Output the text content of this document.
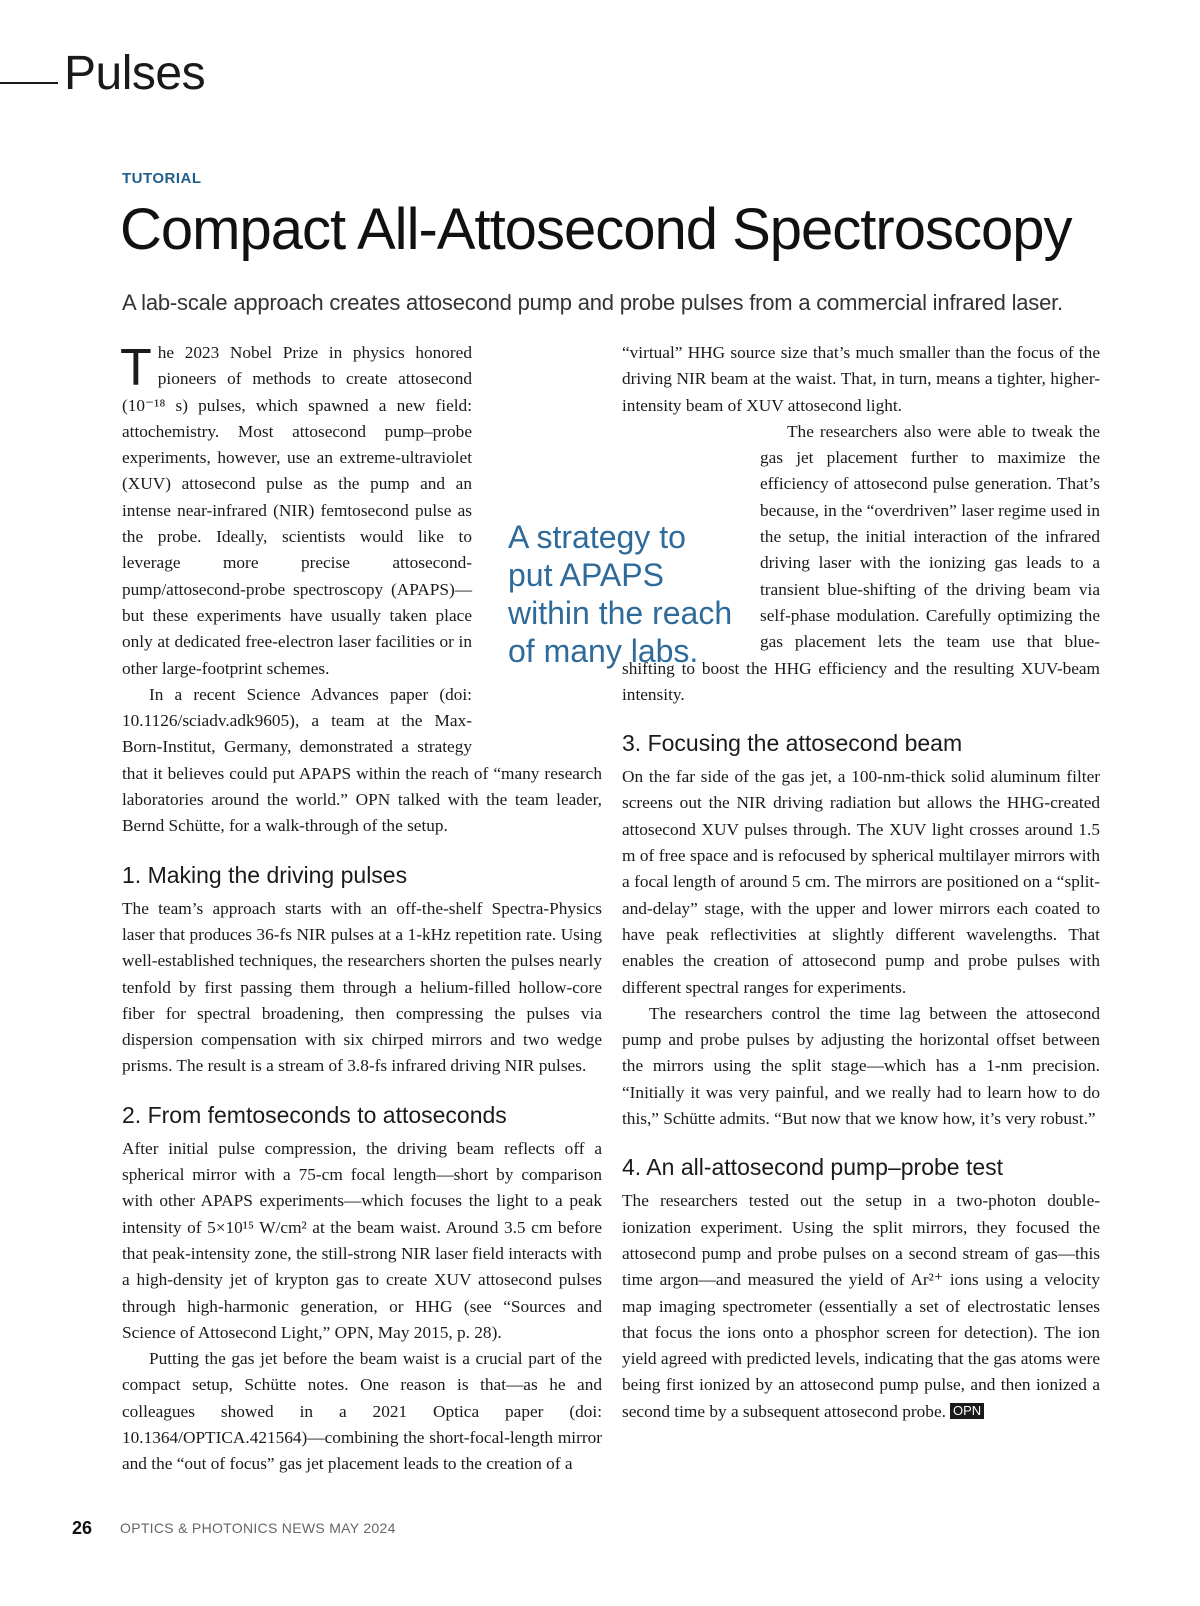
Pulses
TUTORIAL
Compact All-Attosecond Spectroscopy
A lab-scale approach creates attosecond pump and probe pulses from a commercial infrared laser.

The 2023 Nobel Prize in physics honored pioneers of methods to create attosecond (10⁻¹⁸ s) pulses, which spawned a new field: attochemistry. Most attosecond pump–probe experiments, however, use an extreme-ultraviolet (XUV) attosecond pulse as the pump and an intense near-infrared (NIR) femtosecond pulse as the probe. Ideally, scientists would like to leverage more precise attosecond-pump/attosecond-probe spectroscopy (APAPS)—but these experiments have usually taken place only at dedicated free-electron laser facilities or in other large-footprint schemes.

In a recent Science Advances paper (doi: 10.1126/sciadv.adk9605), a team at the Max-Born-Institut, Germany, demonstrated a strategy that it believes could put APAPS within the reach of “many research laboratories around the world.” OPN talked with the team leader, Bernd Schütte, for a walk-through of the setup.

1. Making the driving pulses

The team’s approach starts with an off-the-shelf Spectra-Physics laser that produces 36-fs NIR pulses at a 1-kHz repetition rate. Using well-established techniques, the researchers shorten the pulses nearly tenfold by first passing them through a helium-filled hollow-core fiber for spectral broadening, then compressing the pulses via dispersion compensation with six chirped mirrors and two wedge prisms. The result is a stream of 3.8-fs infrared driving NIR pulses.

2. From femtoseconds to attoseconds

After initial pulse compression, the driving beam reflects off a spherical mirror with a 75-cm focal length—short by comparison with other APAPS experiments—which focuses the light to a peak intensity of 5×10¹⁵ W/cm² at the beam waist. Around 3.5 cm before that peak-intensity zone, the still-strong NIR laser field interacts with a high-density jet of krypton gas to create XUV attosecond pulses through high-harmonic generation, or HHG (see “Sources and Science of Attosecond Light,” OPN, May 2015, p. 28).

Putting the gas jet before the beam waist is a crucial part of the compact setup, Schütte notes. One reason is that—as he and colleagues showed in a 2021 Optica paper (doi: 10.1364/OPTICA.421564)—combining the short-focal-length mirror and the “out of focus” gas jet placement leads to the creation of a

A strategy to put APAPS within the reach of many labs.

“virtual” HHG source size that’s much smaller than the focus of the driving NIR beam at the waist. That, in turn, means a tighter, higher-intensity beam of XUV attosecond light.

The researchers also were able to tweak the gas jet placement further to maximize the efficiency of attosecond pulse generation. That’s because, in the “overdriven” laser regime used in the setup, the initial interaction of the infrared driving laser with the ionizing gas leads to a transient blue-shifting of the driving beam via self-phase modulation. Carefully optimizing the gas placement lets the team use that blue-shifting to boost the HHG efficiency and the resulting XUV-beam intensity.

3. Focusing the attosecond beam

On the far side of the gas jet, a 100-nm-thick solid aluminum filter screens out the NIR driving radiation but allows the HHG-created attosecond XUV pulses through. The XUV light crosses around 1.5 m of free space and is refocused by spherical multilayer mirrors with a focal length of around 5 cm. The mirrors are positioned on a “split-and-delay” stage, with the upper and lower mirrors each coated to have peak reflectivities at slightly different wavelengths. That enables the creation of attosecond pump and probe pulses with different spectral ranges for experiments.

The researchers control the time lag between the attosecond pump and probe pulses by adjusting the horizontal offset between the mirrors using the split stage—which has a 1-nm precision. “Initially it was very painful, and we really had to learn how to do this,” Schütte admits. “But now that we know how, it’s very robust.”

4. An all-attosecond pump–probe test

The researchers tested out the setup in a two-photon double-ionization experiment. Using the split mirrors, they focused the attosecond pump and probe pulses on a second stream of gas—this time argon—and measured the yield of Ar²⁺ ions using a velocity map imaging spectrometer (essentially a set of electrostatic lenses that focus the ions onto a phosphor screen for detection). The ion yield agreed with predicted levels, indicating that the gas atoms were being first ionized by an attosecond pump pulse, and then ionized a second time by a subsequent attosecond probe. OPN

26 OPTICS & PHOTONICS NEWS MAY 2024
